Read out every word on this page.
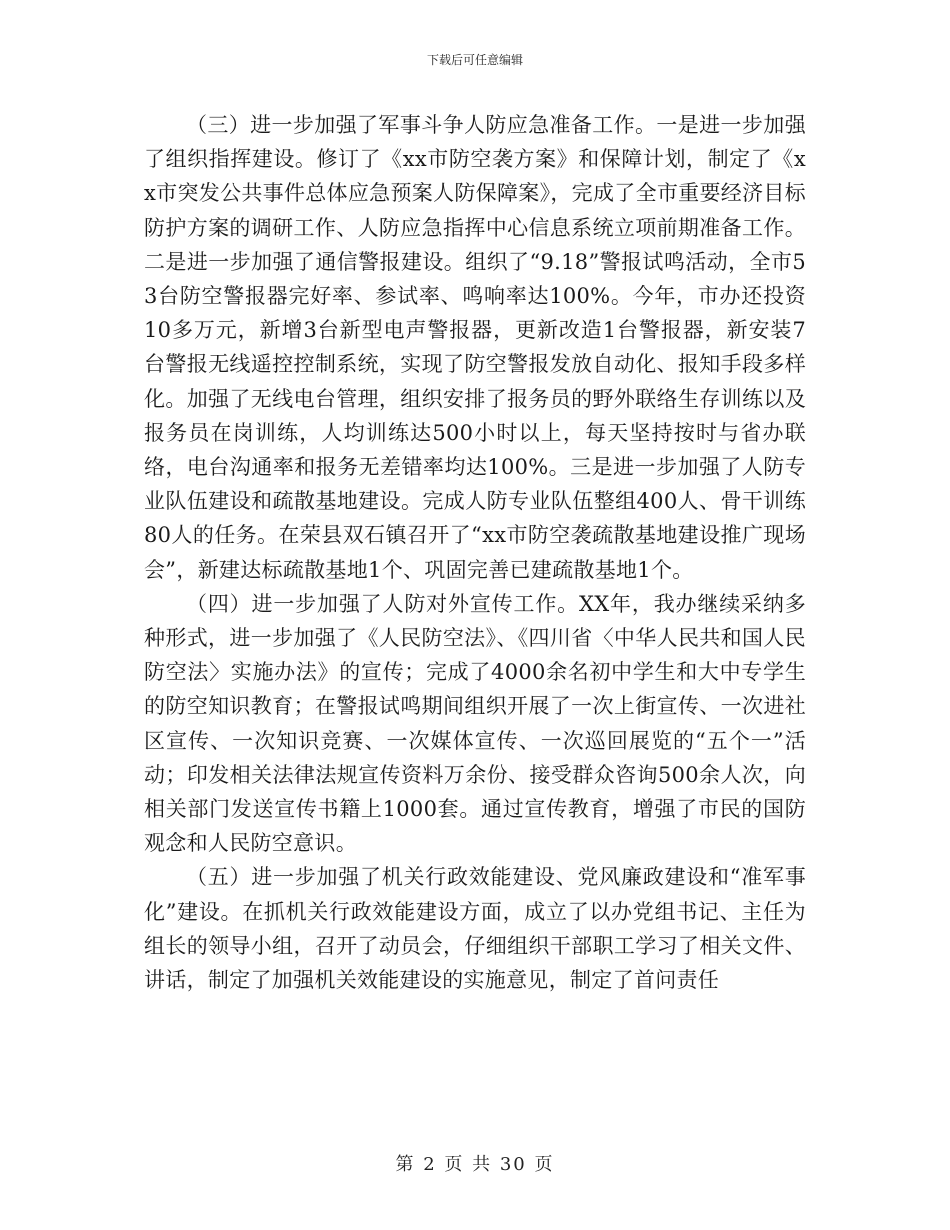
下载后可任意编辑

（三）进一步加强了军事斗争人防应急准备工作。一是进一步加强了组织指挥建设。修订了《xx市防空袭方案》和保障计划，制定了《xx市突发公共事件总体应急预案人防保障案》，完成了全市重要经济目标防护方案的调研工作、人防应急指挥中心信息系统立项前期准备工作。二是进一步加强了通信警报建设。组织了“9.18”警报试鸣活动，全市53台防空警报器完好率、参试率、鸣响率达100%。今年，市办还投资10多万元，新增3台新型电声警报器，更新改造1台警报器，新安装7台警报无线遥控控制系统，实现了防空警报发放自动化、报知手段多样化。加强了无线电台管理，组织安排了报务员的野外联络生存训练以及报务员在岗训练，人均训练达500小时以上，每天坚持按时与省办联络，电台沟通率和报务无差错率均达100%。三是进一步加强了人防专业队伍建设和疏散基地建设。完成人防专业队伍整组400人、骨干训练80人的任务。在荣县双石镇召开了“xx市防空袭疏散基地建设推广现场会”，新建达标疏散基地1个、巩固完善已建疏散基地1个。

（四）进一步加强了人防对外宣传工作。XX年，我办继续采纳多种形式，进一步加强了《人民防空法》、《四川省〈中华人民共和国人民防空法〉实施办法》的宣传；完成了4000余名初中学生和大中专学生的防空知识教育；在警报试鸣期间组织开展了一次上街宣传、一次进社区宣传、一次知识竞赛、一次媒体宣传、一次巡回展览的“五个一”活动；印发相关法律法规宣传资料万余份、接受群众咨询500余人次，向相关部门发送宣传书籍上1000套。通过宣传教育，增强了市民的国防观念和人民防空意识。

（五）进一步加强了机关行政效能建设、党风廉政建设和“准军事化”建设。在抓机关行政效能建设方面，成立了以办党组书记、主任为组长的领导小组，召开了动员会，仔细组织干部职工学习了相关文件、讲话，制定了加强机关效能建设的实施意见，制定了首问责任

第 2 页 共 30 页
